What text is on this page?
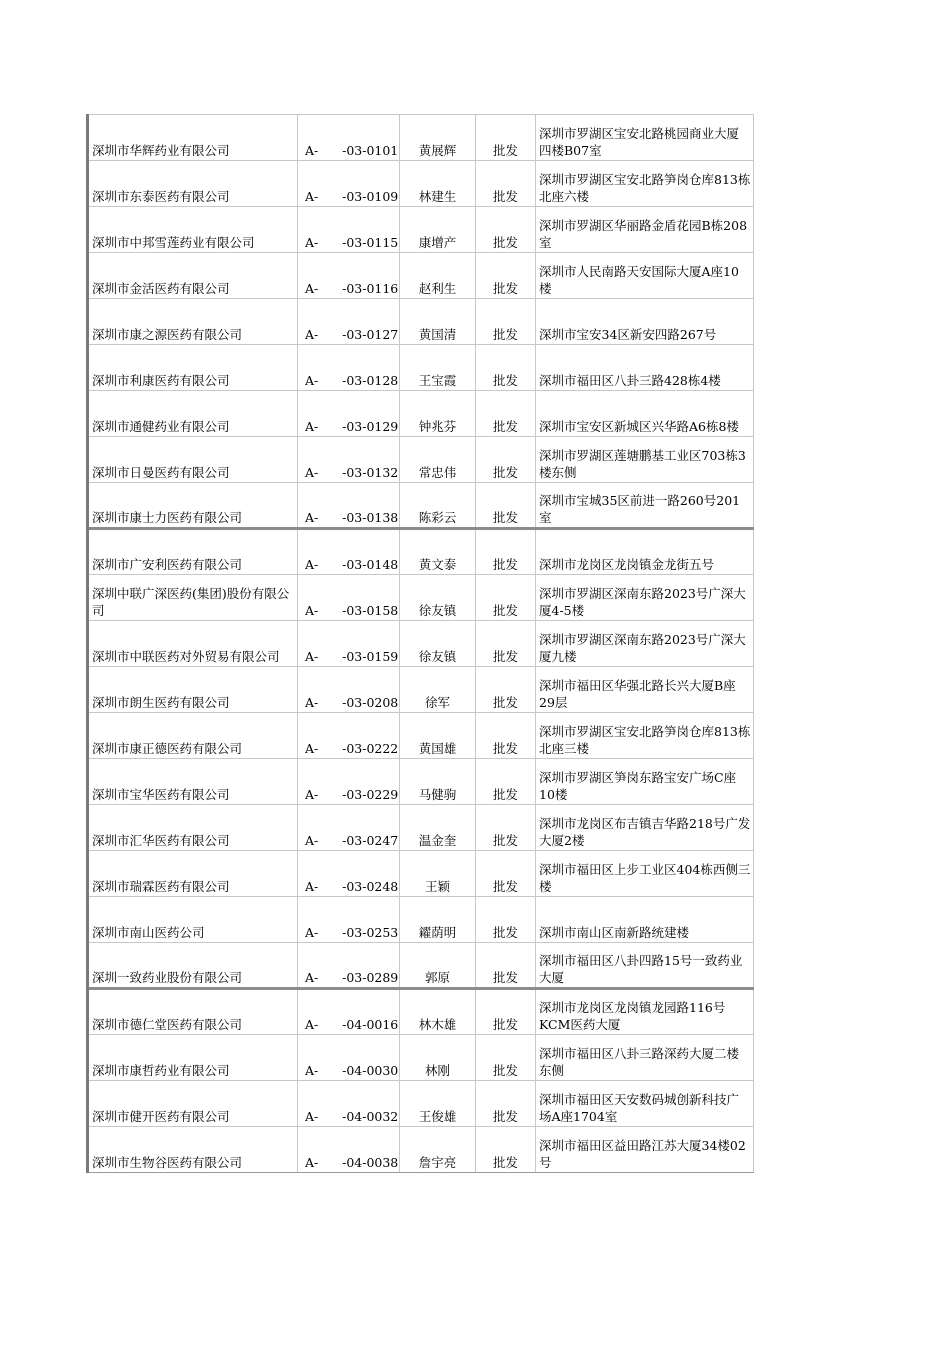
深圳市华辉药业有限公司	A-      -03-0101	黄展辉	批发	深圳市罗湖区宝安北路桃园商业大厦四楼B07室
深圳市东泰医药有限公司	A-      -03-0109	林建生	批发	深圳市罗湖区宝安北路笋岗仓库813栋北座六楼
深圳市中邦雪莲药业有限公司	A-      -03-0115	康增产	批发	深圳市罗湖区华丽路金盾花园B栋208室
深圳市金活医药有限公司	A-      -03-0116	赵利生	批发	深圳市人民南路天安国际大厦A座10楼
深圳市康之源医药有限公司	A-      -03-0127	黄国清	批发	深圳市宝安34区新安四路267号
深圳市利康医药有限公司	A-      -03-0128	王宝霞	批发	深圳市福田区八卦三路428栋4楼
深圳市通健药业有限公司	A-      -03-0129	钟兆芬	批发	深圳市宝安区新城区兴华路A6栋8楼
深圳市日曼医药有限公司	A-      -03-0132	常忠伟	批发	深圳市罗湖区莲塘鹏基工业区703栋3楼东侧
深圳市康士力医药有限公司	A-      -03-0138	陈彩云	批发	深圳市宝城35区前进一路260号201室
深圳市广安利医药有限公司	A-      -03-0148	黄文泰	批发	深圳市龙岗区龙岗镇金龙街五号
深圳中联广深医药(集团)股份有限公司	A-      -03-0158	徐友镇	批发	深圳市罗湖区深南东路2023号广深大厦4-5楼
深圳市中联医药对外贸易有限公司	A-      -03-0159	徐友镇	批发	深圳市罗湖区深南东路2023号广深大厦九楼
深圳市朗生医药有限公司	A-      -03-0208	徐军	批发	深圳市福田区华强北路长兴大厦B座29层
深圳市康正德医药有限公司	A-      -03-0222	黄国雄	批发	深圳市罗湖区宝安北路笋岗仓库813栋北座三楼
深圳市宝华医药有限公司	A-      -03-0229	马健驹	批发	深圳市罗湖区笋岗东路宝安广场C座10楼
深圳市汇华医药有限公司	A-      -03-0247	温金奎	批发	深圳市龙岗区布吉镇吉华路218号广发大厦2楼
深圳市瑞霖医药有限公司	A-      -03-0248	王颖	批发	深圳市福田区上步工业区404栋西侧三楼
深圳市南山医药公司	A-      -03-0253	糴荫明	批发	深圳市南山区南新路统建楼
深圳一致药业股份有限公司	A-      -03-0289	郭原	批发	深圳市福田区八卦四路15号一致药业大厦
深圳市德仁堂医药有限公司	A-      -04-0016	林木雄	批发	深圳市龙岗区龙岗镇龙园路116号KCM医药大厦
深圳市康哲药业有限公司	A-      -04-0030	林刚	批发	深圳市福田区八卦三路深药大厦二楼东侧
深圳市健开医药有限公司	A-      -04-0032	王俊雄	批发	深圳市福田区天安数码城创新科技广场A座1704室
深圳市生物谷医药有限公司	A-      -04-0038	詹宇亮	批发	深圳市福田区益田路江苏大厦34楼02号
